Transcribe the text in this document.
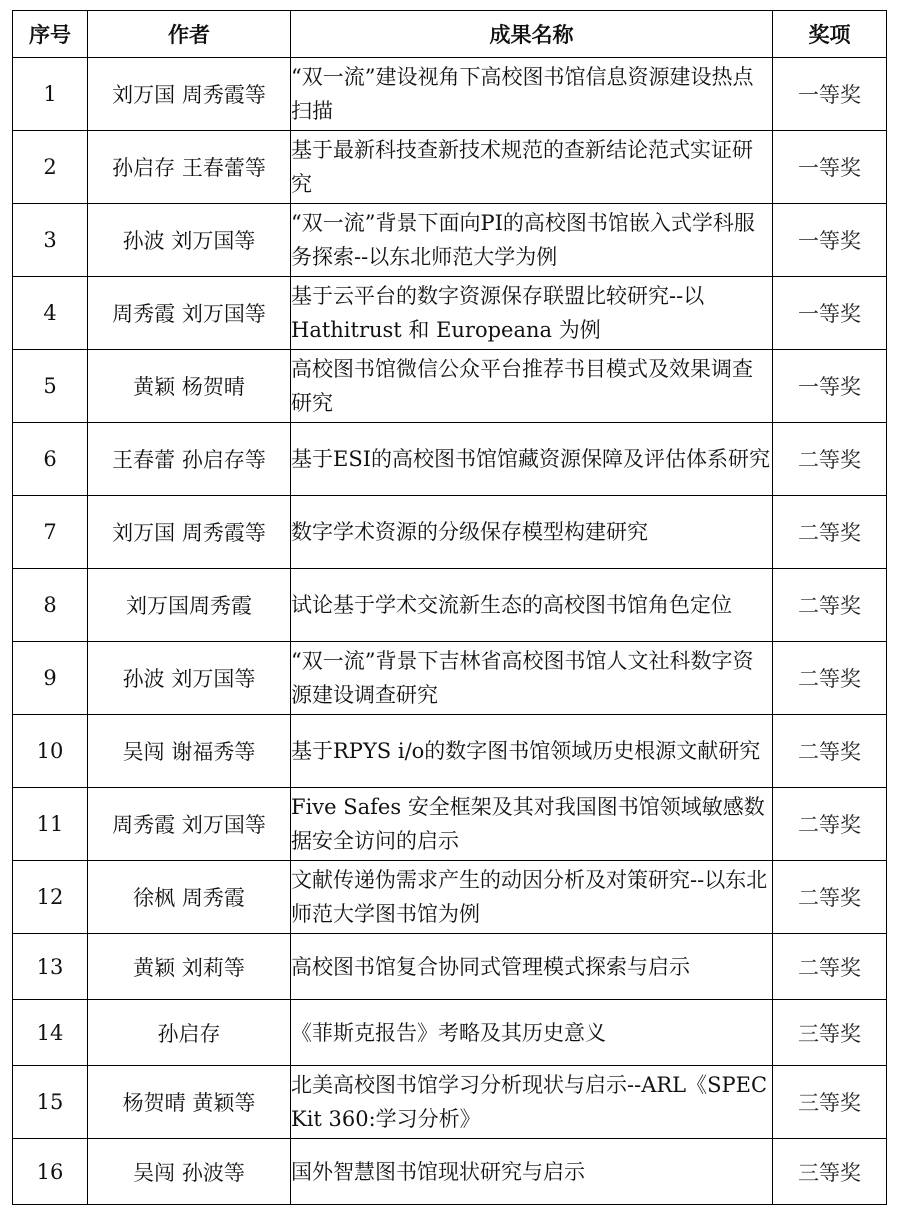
序号	作者	成果名称	奖项
1	刘万国 周秀霞等	“双一流”建设视角下高校图书馆信息资源建设热点扫描	一等奖
2	孙启存 王春蕾等	基于最新科技查新技术规范的查新结论范式实证研究	一等奖
3	孙波 刘万国等	“双一流”背景下面向PI的高校图书馆嵌入式学科服务探索--以东北师范大学为例	一等奖
4	周秀霞 刘万国等	基于云平台的数字资源保存联盟比较研究--以 Hathitrust 和 Europeana 为例	一等奖
5	黄颖 杨贺晴	高校图书馆微信公众平台推荐书目模式及效果调查研究	一等奖
6	王春蕾 孙启存等	基于ESI的高校图书馆馆藏资源保障及评估体系研究	二等奖
7	刘万国 周秀霞等	数字学术资源的分级保存模型构建研究	二等奖
8	刘万国周秀霞	试论基于学术交流新生态的高校图书馆角色定位	二等奖
9	孙波 刘万国等	“双一流”背景下吉林省高校图书馆人文社科数字资源建设调查研究	二等奖
10	吴闯 谢福秀等	基于RPYS i/o的数字图书馆领域历史根源文献研究	二等奖
11	周秀霞 刘万国等	Five Safes 安全框架及其对我国图书馆领域敏感数据安全访问的启示	二等奖
12	徐枫 周秀霞	文献传递伪需求产生的动因分析及对策研究--以东北师范大学图书馆为例	二等奖
13	黄颖 刘莉等	高校图书馆复合协同式管理模式探索与启示	二等奖
14	孙启存	《菲斯克报告》考略及其历史意义	三等奖
15	杨贺晴 黄颖等	北美高校图书馆学习分析现状与启示--ARL《SPEC Kit 360:学习分析》	三等奖
16	吴闯 孙波等	国外智慧图书馆现状研究与启示	三等奖
